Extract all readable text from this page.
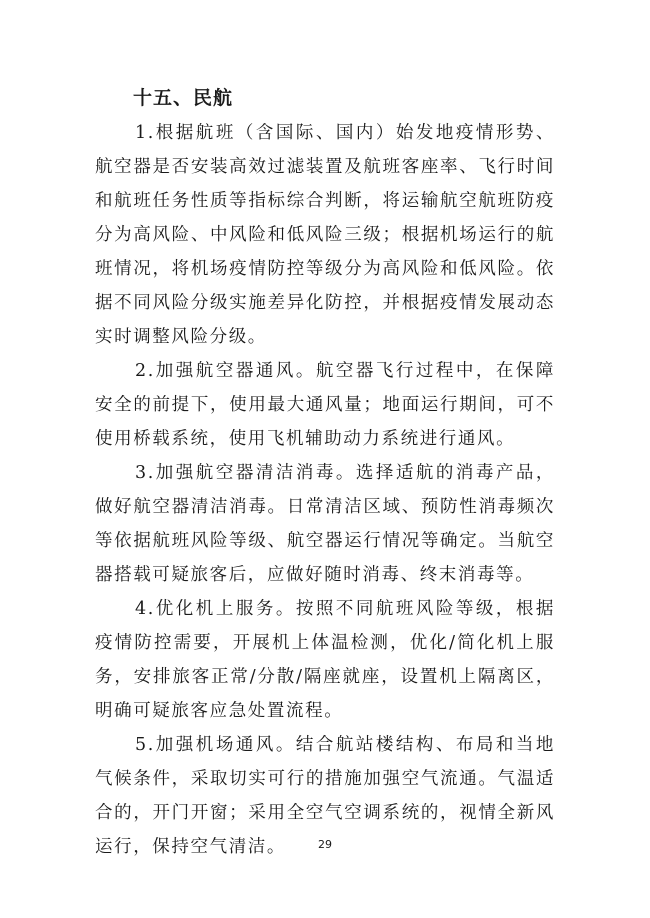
十五、民航

1.根据航班（含国际、国内）始发地疫情形势、航空器是否安装高效过滤装置及航班客座率、飞行时间和航班任务性质等指标综合判断，将运输航空航班防疫分为高风险、中风险和低风险三级；根据机场运行的航班情况，将机场疫情防控等级分为高风险和低风险。依据不同风险分级实施差异化防控，并根据疫情发展动态实时调整风险分级。

2.加强航空器通风。航空器飞行过程中，在保障安全的前提下，使用最大通风量；地面运行期间，可不使用桥载系统，使用飞机辅助动力系统进行通风。

3.加强航空器清洁消毒。选择适航的消毒产品，做好航空器清洁消毒。日常清洁区域、预防性消毒频次等依据航班风险等级、航空器运行情况等确定。当航空器搭载可疑旅客后，应做好随时消毒、终末消毒等。

4.优化机上服务。按照不同航班风险等级，根据疫情防控需要，开展机上体温检测，优化/简化机上服务，安排旅客正常/分散/隔座就座，设置机上隔离区，明确可疑旅客应急处置流程。

5.加强机场通风。结合航站楼结构、布局和当地气候条件，采取切实可行的措施加强空气流通。气温适合的，开门开窗；采用全空气空调系统的，视情全新风运行，保持空气清洁。	29
